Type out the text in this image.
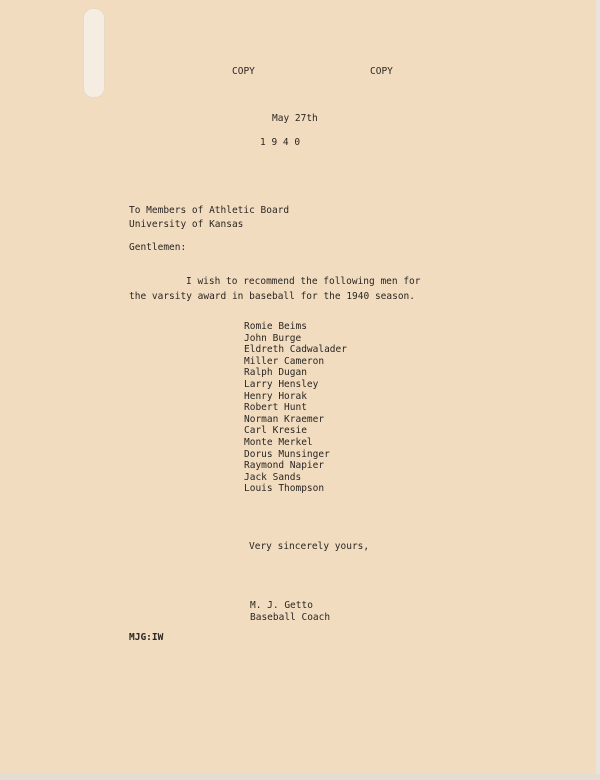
COPY	COPY
May 27th
1 9 4 0
To Members of Athletic Board
University of Kansas
Gentlemen:
I wish to recommend the following men for
the varsity award in baseball for the 1940 season.
Romie Beims
John Burge
Eldreth Cadwalader
Miller Cameron
Ralph Dugan
Larry Hensley
Henry Horak
Robert Hunt
Norman Kraemer
Carl Kresie
Monte Merkel
Dorus Munsinger
Raymond Napier
Jack Sands
Louis Thompson
Very sincerely yours,
M. J. Getto
Baseball Coach
MJG:IW
